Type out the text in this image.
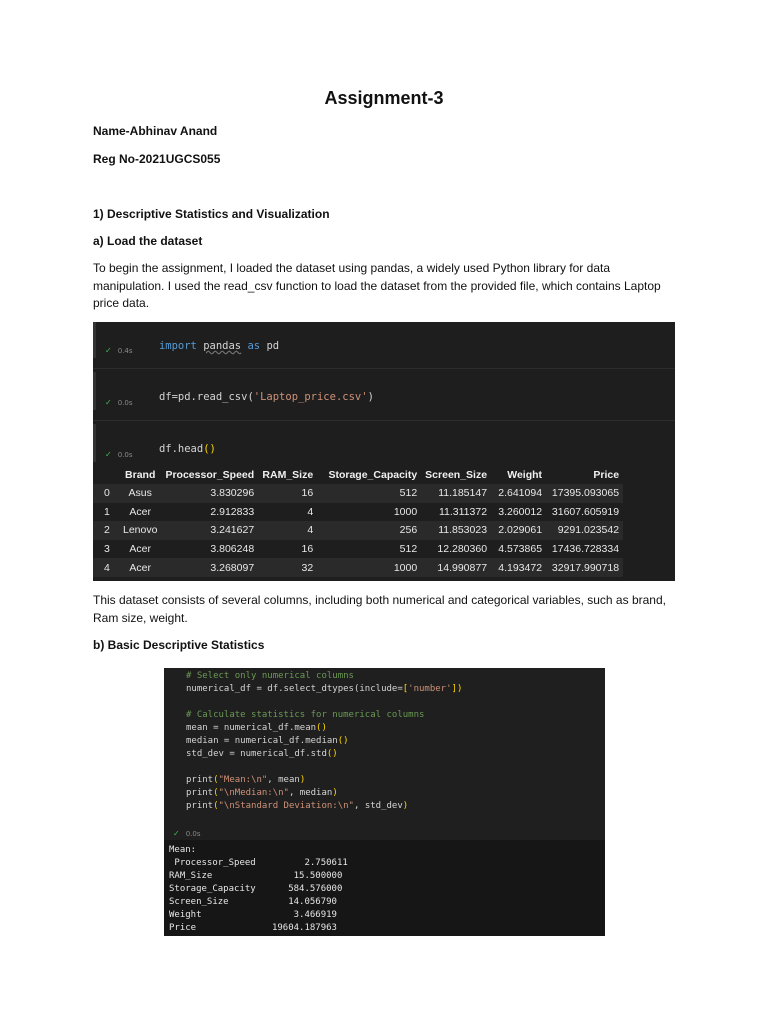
Assignment-3
Name-Abhinav Anand
Reg No-2021UGCS055
1) Descriptive Statistics and Visualization
a) Load the dataset
To begin the assignment, I loaded the dataset using pandas, a widely used Python library for data manipulation. I used the read_csv function to load the dataset from the provided file, which contains Laptop price data.

import pandas as pd

✓ 0.4s

df=pd.read_csv('Laptop_price.csv')

✓ 0.0s

df.head()

✓ 0.0s
	Brand	Processor_Speed	RAM_Size	Storage_Capacity	Screen_Size	Weight	Price
0	Asus	3.830296	16	512	11.185147	2.641094	17395.093065
1	Acer	2.912833	4	1000	11.311372	3.260012	31607.605919
2	Lenovo	3.241627	4	256	11.853023	2.029061	9291.023542
3	Acer	3.806248	16	512	12.280360	4.573865	17436.728334
4	Acer	3.268097	32	1000	14.990877	4.193472	32917.990718
This dataset consists of several columns, including both numerical and categorical variables, such as brand, Ram size, weight.
b) Basic Descriptive Statistics
# Select only numerical columns
numerical_df = df.select_dtypes(include=['number'])
# Calculate statistics for numerical columns
mean = numerical_df.mean()
median = numerical_df.median()
std_dev = numerical_df.std()
print("Mean:\n", mean)
print("\nMedian:\n", median)
print("\nStandard Deviation:\n", std_dev)
✓ 0.0s
Mean:
Processor_Speed         2.750611
RAM_Size               15.500000
Storage_Capacity      584.576000
Screen_Size           14.056790
Weight                 3.466919
Price              19604.187963
